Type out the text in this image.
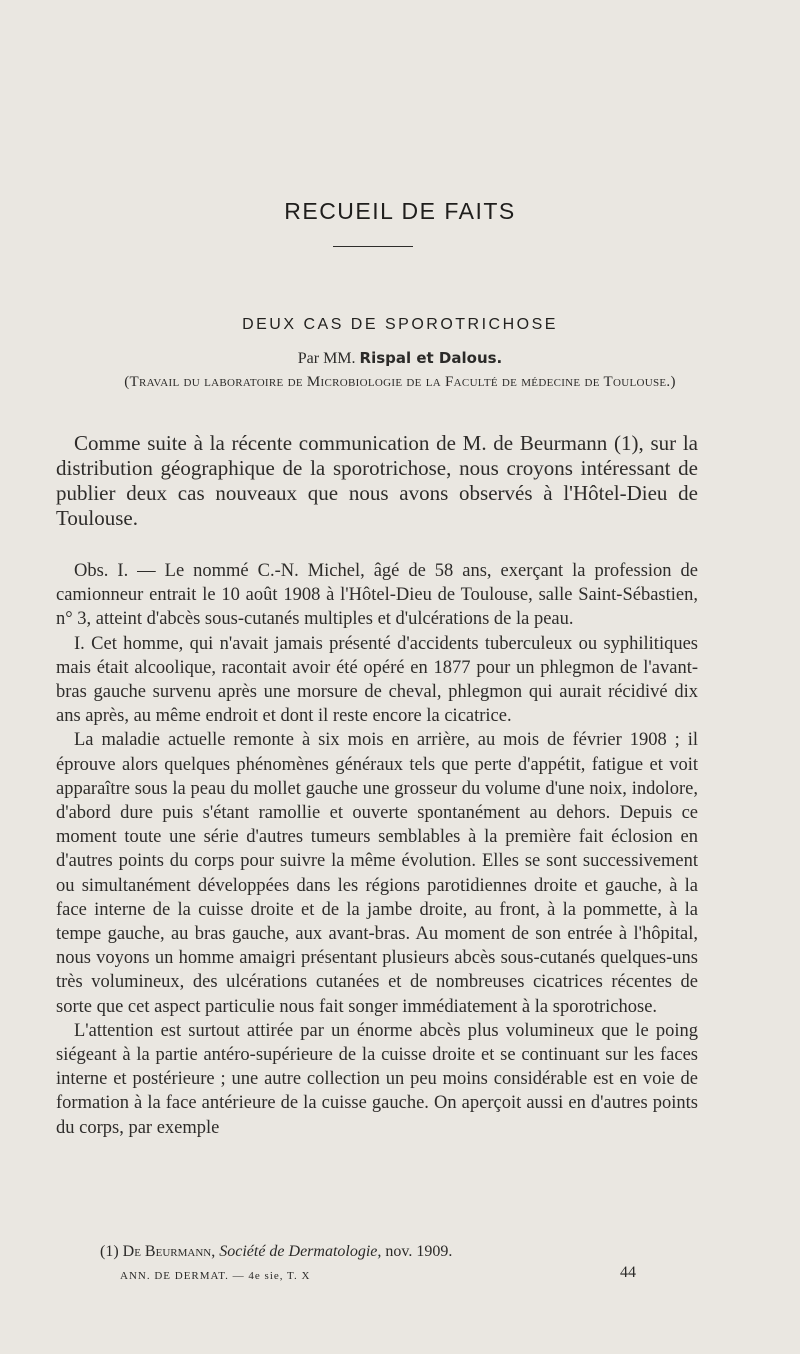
RECUEIL DE FAITS
DEUX CAS DE SPOROTRICHOSE
Par MM. Rispal et Dalous.
(Travail du laboratoire de Microbiologie de la Faculté de médecine de Toulouse.)

Comme suite à la récente communication de M. de Beurmann (1), sur la distribution géographique de la sporotrichose, nous croyons intéressant de publier deux cas nouveaux que nous avons observés à l'Hôtel-Dieu de Toulouse.

Obs. I. — Le nommé C.-N. Michel, âgé de 58 ans, exerçant la profession de camionneur entrait le 10 août 1908 à l'Hôtel-Dieu de Toulouse, salle Saint-Sébastien, n° 3, atteint d'abcès sous-cutanés multiples et d'ulcérations de la peau.

I. Cet homme, qui n'avait jamais présenté d'accidents tuberculeux ou syphilitiques mais était alcoolique, racontait avoir été opéré en 1877 pour un phlegmon de l'avant-bras gauche survenu après une morsure de cheval, phlegmon qui aurait récidivé dix ans après, au même endroit et dont il reste encore la cicatrice.

La maladie actuelle remonte à six mois en arrière, au mois de février 1908 ; il éprouve alors quelques phénomènes généraux tels que perte d'appétit, fatigue et voit apparaître sous la peau du mollet gauche une grosseur du volume d'une noix, indolore, d'abord dure puis s'étant ramollie et ouverte spontanément au dehors. Depuis ce moment toute une série d'autres tumeurs semblables à la première fait éclosion en d'autres points du corps pour suivre la même évolution. Elles se sont successivement ou simultanément développées dans les régions parotidiennes droite et gauche, à la face interne de la cuisse droite et de la jambe droite, au front, à la pommette, à la tempe gauche, au bras gauche, aux avant-bras. Au moment de son entrée à l'hôpital, nous voyons un homme amaigri présentant plusieurs abcès sous-cutanés quelques-uns très volumineux, des ulcérations cutanées et de nombreuses cicatrices récentes de sorte que cet aspect particulie nous fait songer immédiatement à la sporotrichose.

L'attention est surtout attirée par un énorme abcès plus volumineux que le poing siégeant à la partie antéro-supérieure de la cuisse droite et se continuant sur les faces interne et postérieure ; une autre collection un peu moins considérable est en voie de formation à la face antérieure de la cuisse gauche. On aperçoit aussi en d'autres points du corps, par exemple

(1) De Beurmann, Société de Dermatologie, nov. 1909.
ANN. DE DERMAT. — 4e sie, T. X	44
